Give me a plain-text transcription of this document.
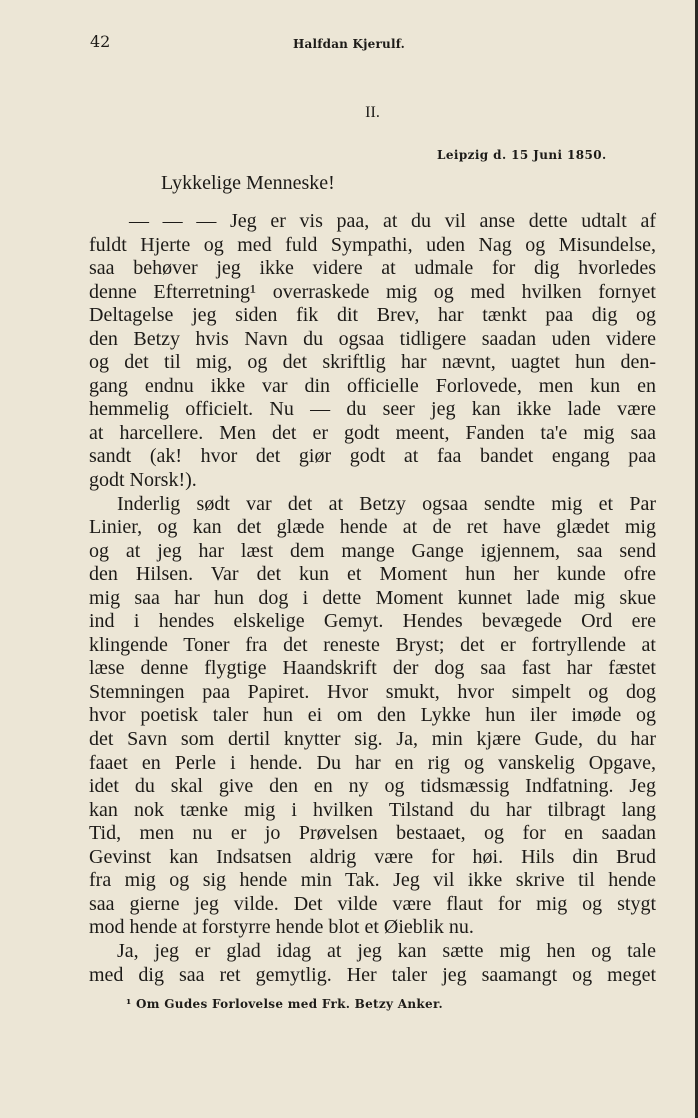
42	Halfdan Kjerulf.
II.
Leipzig d. 15 Juni 1850.
Lykkelige Menneske!
— — — Jeg er vis paa, at du vil anse dette udtalt af
fuldt Hjerte og med fuld Sympathi, uden Nag og Misundelse,
saa behøver jeg ikke videre at udmale for dig hvorledes
denne Efterretning¹ overraskede mig og med hvilken fornyet
Deltagelse jeg siden fik dit Brev, har tænkt paa dig og
den Betzy hvis Navn du ogsaa tidligere saadan uden videre
og det til mig, og det skriftlig har nævnt, uagtet hun den-
gang endnu ikke var din officielle Forlovede, men kun en
hemmelig officielt. Nu — du seer jeg kan ikke lade være
at harcellere. Men det er godt meent, Fanden ta'e mig saa
sandt (ak! hvor det giør godt at faa bandet engang paa
godt Norsk!).
Inderlig sødt var det at Betzy ogsaa sendte mig et Par
Linier, og kan det glæde hende at de ret have glædet mig
og at jeg har læst dem mange Gange igjennem, saa send
den Hilsen. Var det kun et Moment hun her kunde ofre
mig saa har hun dog i dette Moment kunnet lade mig skue
ind i hendes elskelige Gemyt. Hendes bevægede Ord ere
klingende Toner fra det reneste Bryst; det er fortryllende at
læse denne flygtige Haandskrift der dog saa fast har fæstet
Stemningen paa Papiret. Hvor smukt, hvor simpelt og dog
hvor poetisk taler hun ei om den Lykke hun iler imøde og
det Savn som dertil knytter sig. Ja, min kjære Gude, du har
faaet en Perle i hende. Du har en rig og vanskelig Opgave,
idet du skal give den en ny og tidsmæssig Indfatning. Jeg
kan nok tænke mig i hvilken Tilstand du har tilbragt lang
Tid, men nu er jo Prøvelsen bestaaet, og for en saadan
Gevinst kan Indsatsen aldrig være for høi. Hils din Brud
fra mig og sig hende min Tak. Jeg vil ikke skrive til hende
saa gierne jeg vilde. Det vilde være flaut for mig og stygt
mod hende at forstyrre hende blot et Øieblik nu.
Ja, jeg er glad idag at jeg kan sætte mig hen og tale
med dig saa ret gemytlig. Her taler jeg saamangt og meget
¹ Om Gudes Forlovelse med Frk. Betzy Anker.
